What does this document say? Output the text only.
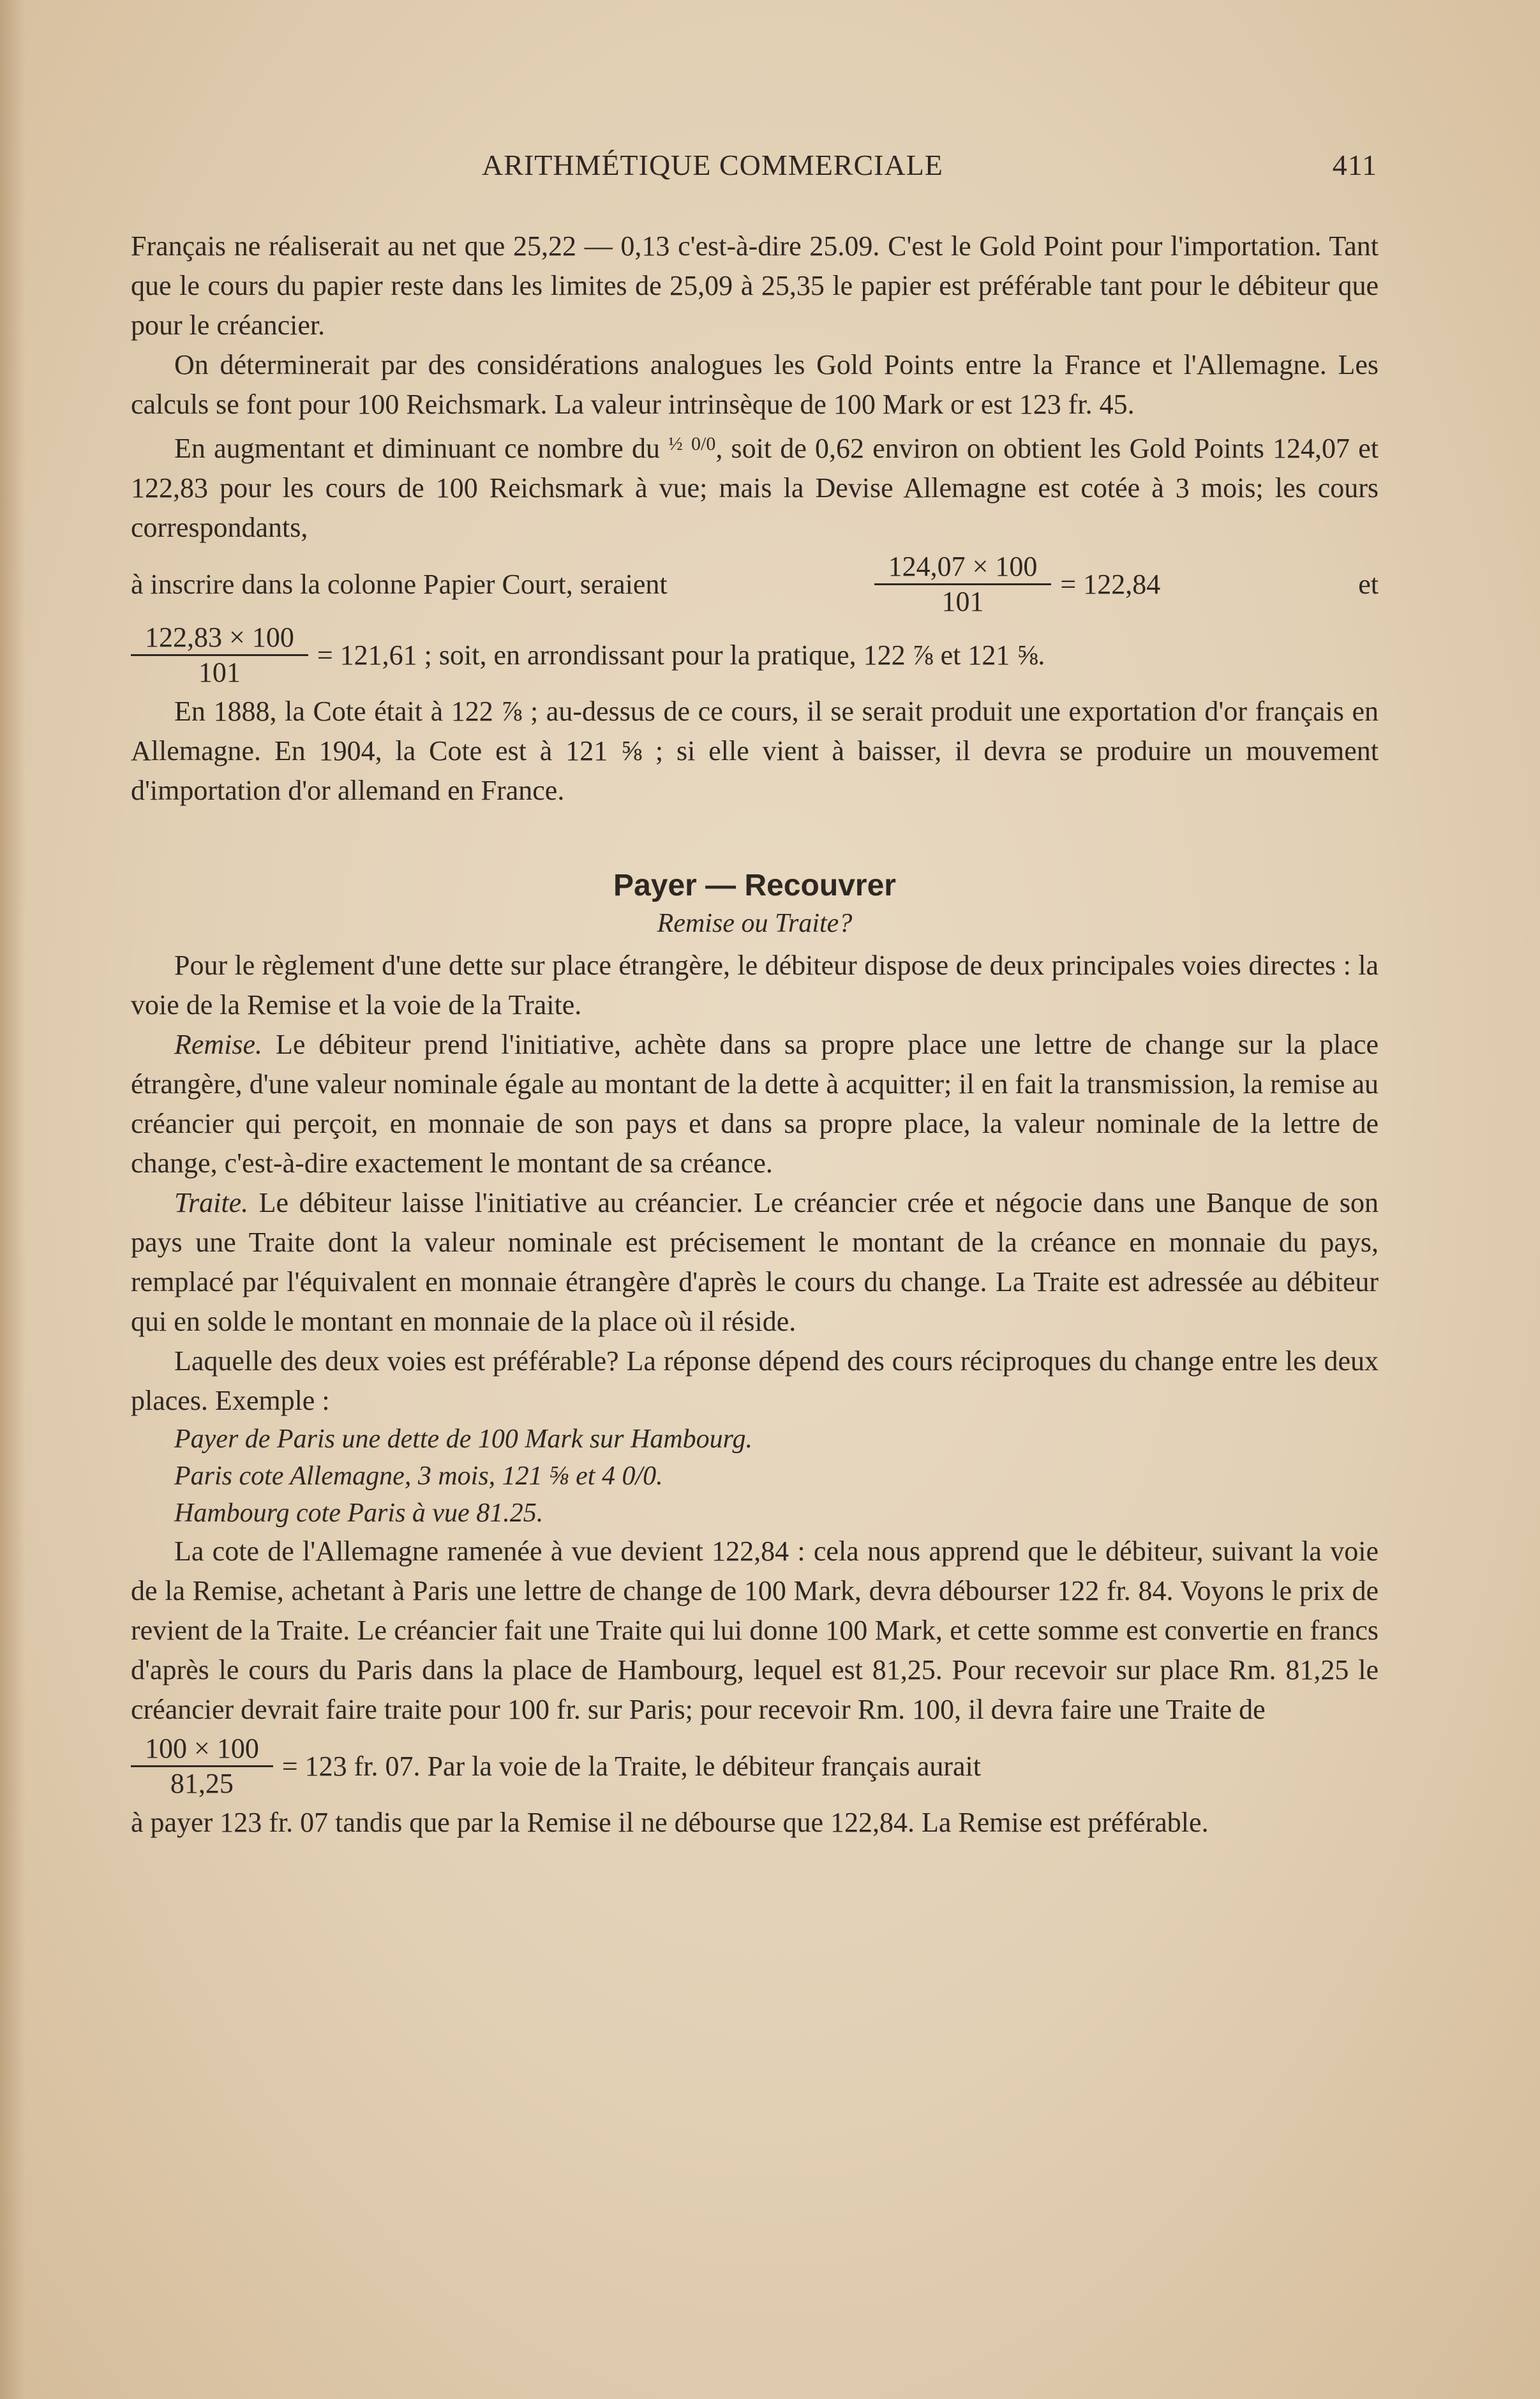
ARITHMÉTIQUE COMMERCIALE	411

Français ne réaliserait au net que 25,22 — 0,13 c'est-à-dire 25.09. C'est le Gold Point pour l'importation. Tant que le cours du papier reste dans les limites de 25,09 à 25,35 le papier est préférable tant pour le débiteur que pour le créancier.

On déterminerait par des considérations analogues les Gold Points entre la France et l'Allemagne. Les calculs se font pour 100 Reichsmark. La valeur intrinsèque de 100 Mark or est 123 fr. 45.

En augmentant et diminuant ce nombre du $^{\frac{1}{2}}$ $^{0/0}$, soit de 0,62 environ on obtient les Gold Points 124,07 et 122,83 pour les cours de 100 Reichsmark à vue; mais la Devise Allemagne est cotée à 3 mois; les cours correspondants,

à inscrire dans la colonne Papier Court, seraient	$\frac{124,07 \times 100}{101} = 122,84$	et
$\frac{122,83 \times 100}{101} = 121,61$ ; soit, en arrondissant pour la pratique, 122 ⅞ et 121 ⅝.

En 1888, la Cote était à 122 ⅞ ; au-dessus de ce cours, il se serait produit une exportation d'or français en Allemagne. En 1904, la Cote est à 121 ⅝ ; si elle vient à baisser, il devra se produire un mouvement d'importation d'or allemand en France.

Payer — Recouvrer
Remise ou Traite?

Pour le règlement d'une dette sur place étrangère, le débiteur dispose de deux principales voies directes : la voie de la Remise et la voie de la Traite.

Remise. Le débiteur prend l'initiative, achète dans sa propre place une lettre de change sur la place étrangère, d'une valeur nominale égale au montant de la dette à acquitter; il en fait la transmission, la remise au créancier qui perçoit, en monnaie de son pays et dans sa propre place, la valeur nominale de la lettre de change, c'est-à-dire exactement le montant de sa créance.

Traite. Le débiteur laisse l'initiative au créancier. Le créancier crée et négocie dans une Banque de son pays une Traite dont la valeur nominale est précisement le montant de la créance en monnaie du pays, remplacé par l'équivalent en monnaie étrangère d'après le cours du change. La Traite est adressée au débiteur qui en solde le montant en monnaie de la place où il réside.

Laquelle des deux voies est préférable? La réponse dépend des cours réciproques du change entre les deux places. Exemple :

Payer de Paris une dette de 100 Mark sur Hambourg.
Paris cote Allemagne, 3 mois, 121 ⅝ et 4 0/0.
Hambourg cote Paris à vue 81.25.

La cote de l'Allemagne ramenée à vue devient 122,84 : cela nous apprend que le débiteur, suivant la voie de la Remise, achetant à Paris une lettre de change de 100 Mark, devra débourser 122 fr. 84. Voyons le prix de revient de la Traite. Le créancier fait une Traite qui lui donne 100 Mark, et cette somme est convertie en francs d'après le cours du Paris dans la place de Hambourg, lequel est 81,25. Pour recevoir sur place Rm. 81,25 le créancier devrait faire traite pour 100 fr. sur Paris; pour recevoir Rm. 100, il devra faire une Traite de

$\frac{100 \times 100}{81,25} = 123$ fr. 07. Par la voie de la Traite, le débiteur français aurait

à payer 123 fr. 07 tandis que par la Remise il ne débourse que 122,84. La Remise est préférable.
